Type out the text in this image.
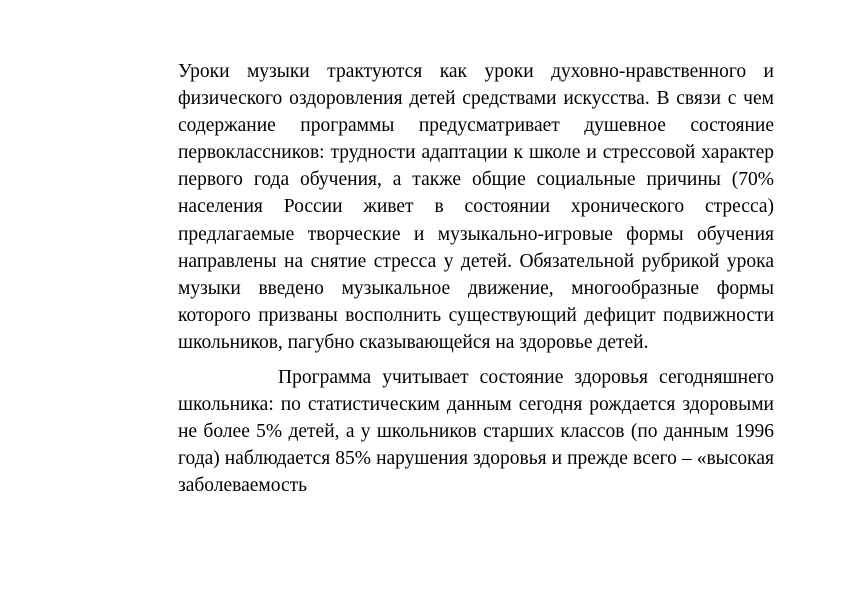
Уроки музыки трактуются как уроки духовно-нравственного и физического оздоровления детей средствами искусства. В связи с чем содержание программы предусматривает душевное состояние первоклассников: трудности адаптации к школе и стрессовой характер первого года обучения, а также общие социальные причины (70% населения России живет в состоянии хронического стресса) предлагаемые творческие и музыкально-игровые формы обучения направлены на снятие стресса у детей. Обязательной рубрикой урока музыки введено музыкальное движение, многообразные формы которого призваны восполнить существующий дефицит подвижности школьников, пагубно сказывающейся на здоровье детей.

Программа учитывает состояние здоровья сегодняшнего школьника: по статистическим данным сегодня рождается здоровыми не более 5% детей, а у школьников старших классов (по данным 1996 года) наблюдается 85% нарушения здоровья и прежде всего – «высокая заболеваемость
